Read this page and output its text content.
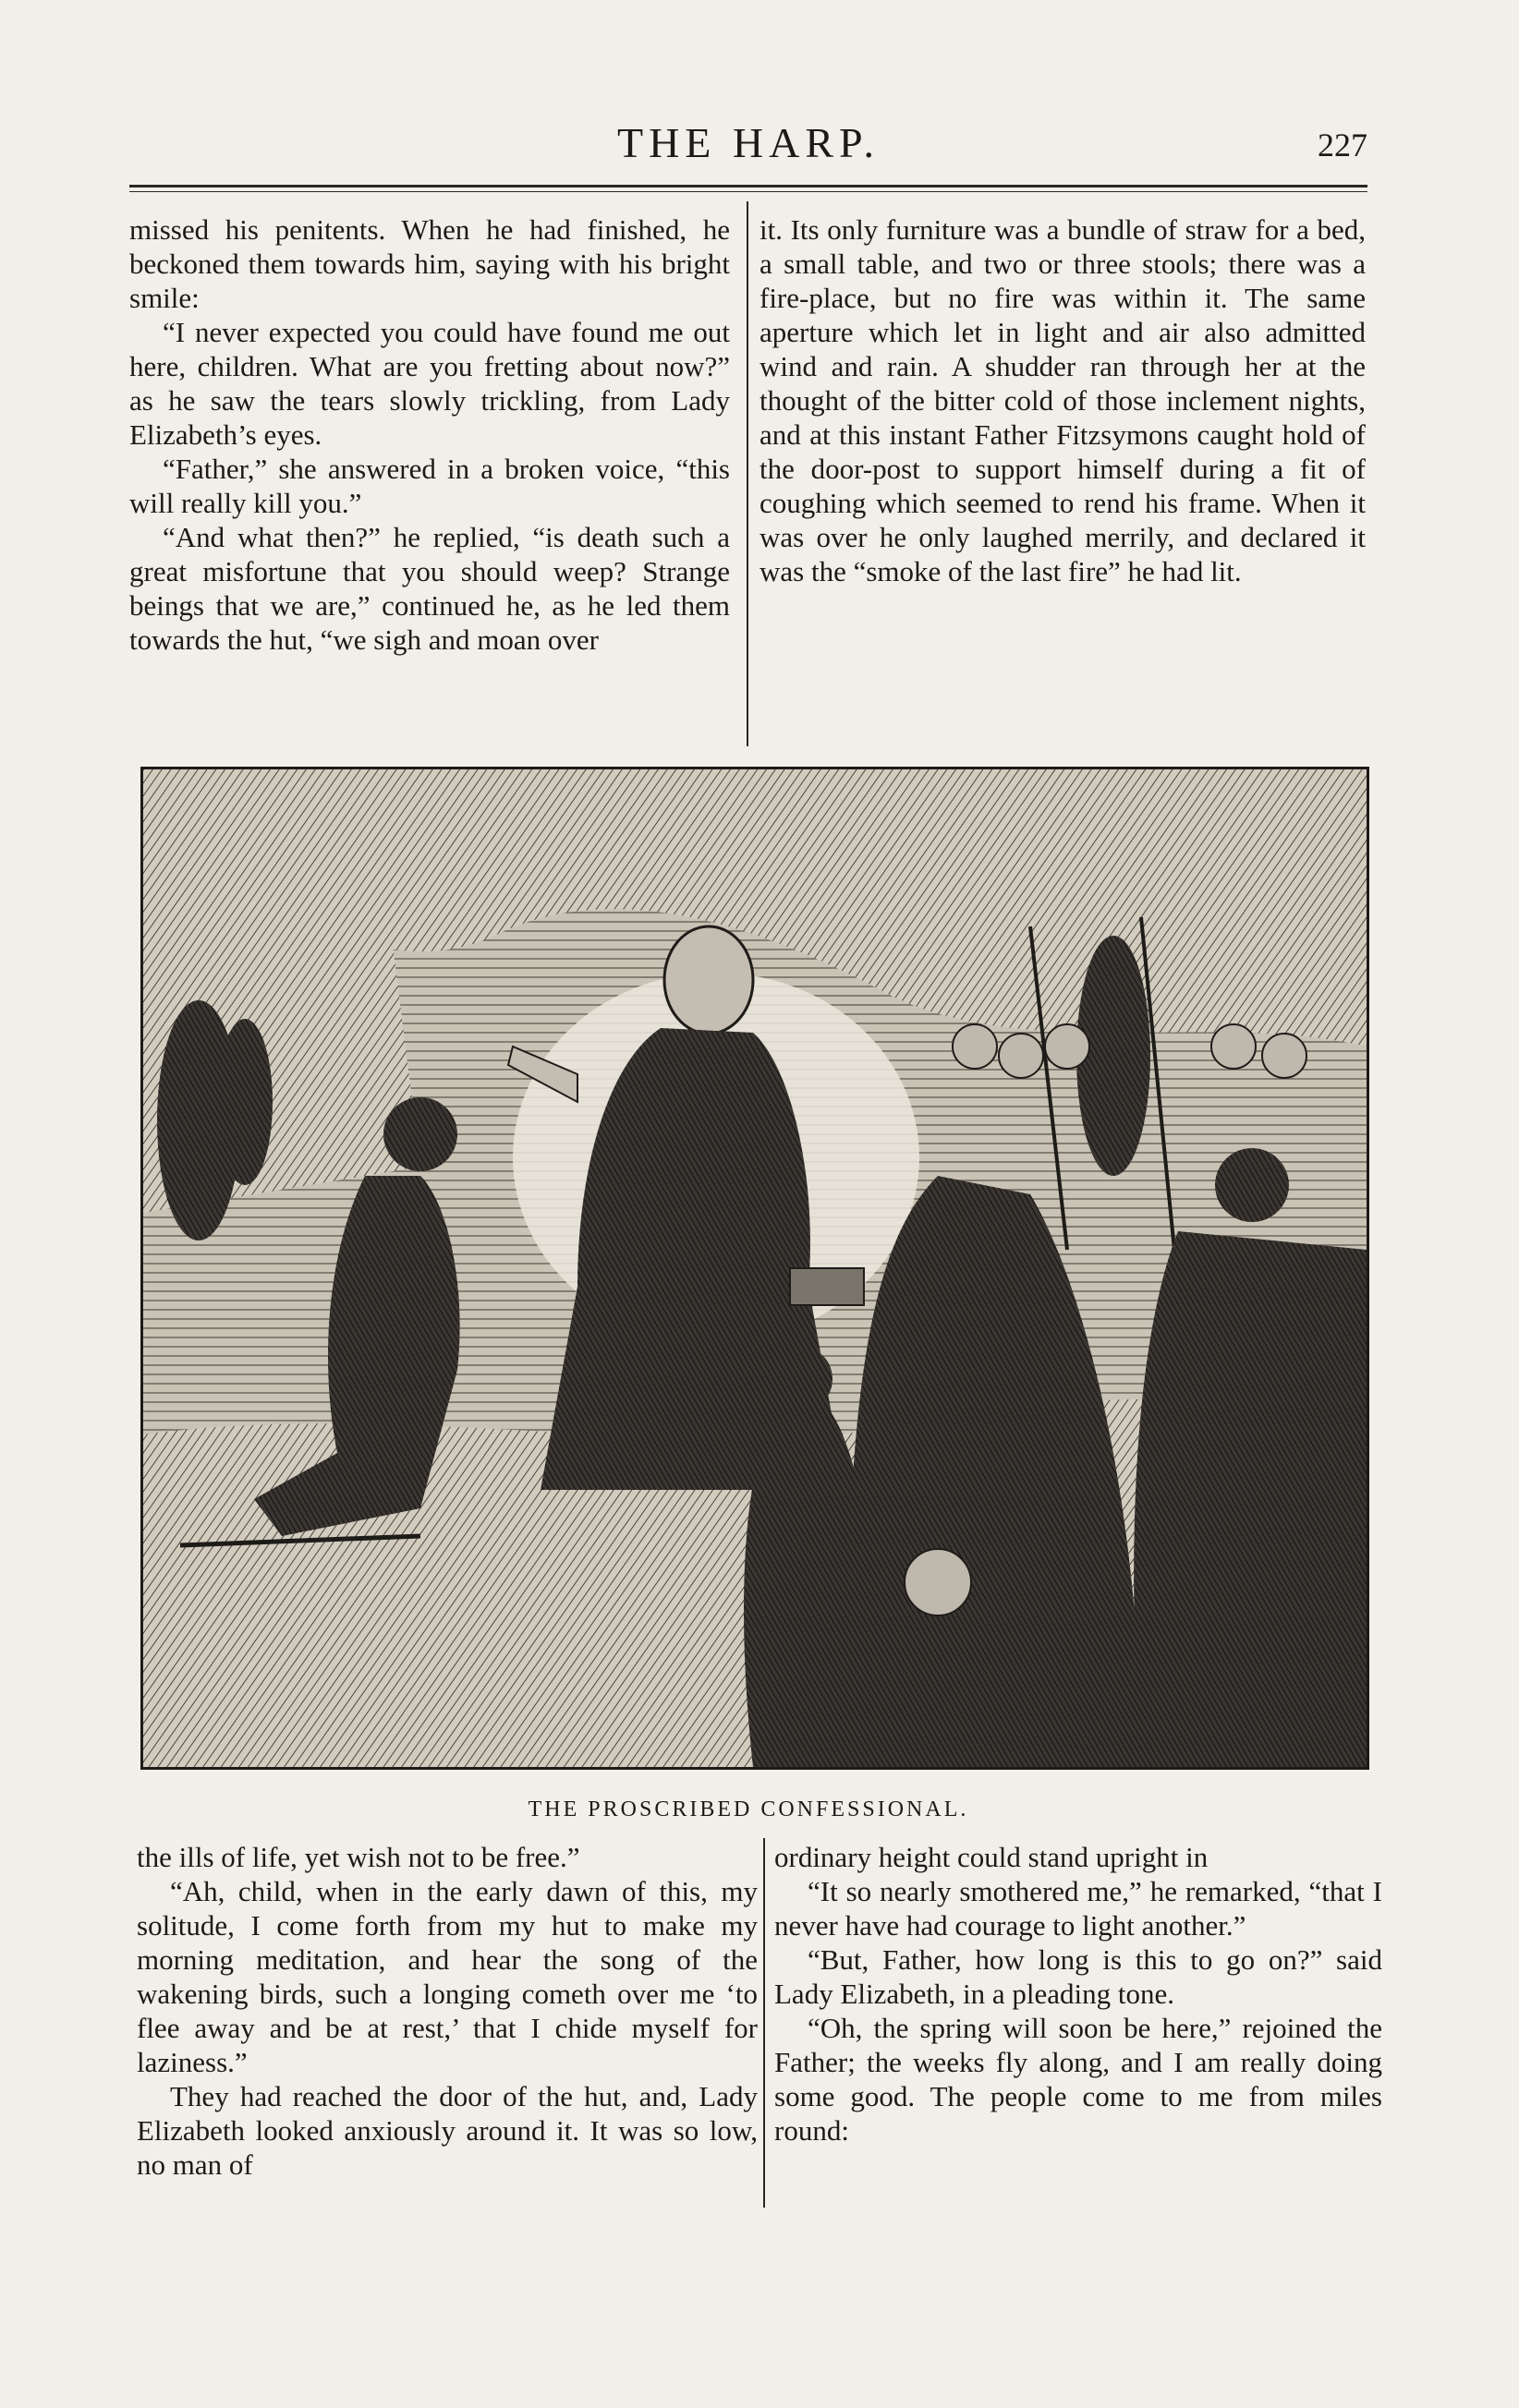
THE HARP.	227

missed his penitents. When he had finished, he beckoned them towards him, saying with his bright smile:

“I never expected you could have found me out here, children. What are you fretting about now?” as he saw the tears slowly trickling, from Lady Elizabeth’s eyes.

“Father,” she answered in a broken voice, “this will really kill you.”

“And what then?” he replied, “is death such a great misfortune that you should weep? Strange beings that we are,” continued he, as he led them towards the hut, “we sigh and moan over

it. Its only furniture was a bundle of straw for a bed, a small table, and two or three stools; there was a fire-place, but no fire was within it. The same aperture which let in light and air also admitted wind and rain. A shudder ran through her at the thought of the bitter cold of those inclement nights, and at this instant Father Fitzsymons caught hold of the door-post to support himself during a fit of coughing which seemed to rend his frame. When it was over he only laughed merrily, and declared it was the “smoke of the last fire” he had lit.

THE PROSCRIBED CONFESSIONAL.

the ills of life, yet wish not to be free.”

“Ah, child, when in the early dawn of this, my solitude, I come forth from my hut to make my morning meditation, and hear the song of the wakening birds, such a longing cometh over me ‘to flee away and be at rest,’ that I chide myself for laziness.”

They had reached the door of the hut, and, Lady Elizabeth looked anxiously around it. It was so low, no man of

ordinary height could stand upright in

“It so nearly smothered me,” he remarked, “that I never have had courage to light another.”

“But, Father, how long is this to go on?” said Lady Elizabeth, in a pleading tone.

“Oh, the spring will soon be here,” rejoined the Father; the weeks fly along, and I am really doing some good. The people come to me from miles round:
